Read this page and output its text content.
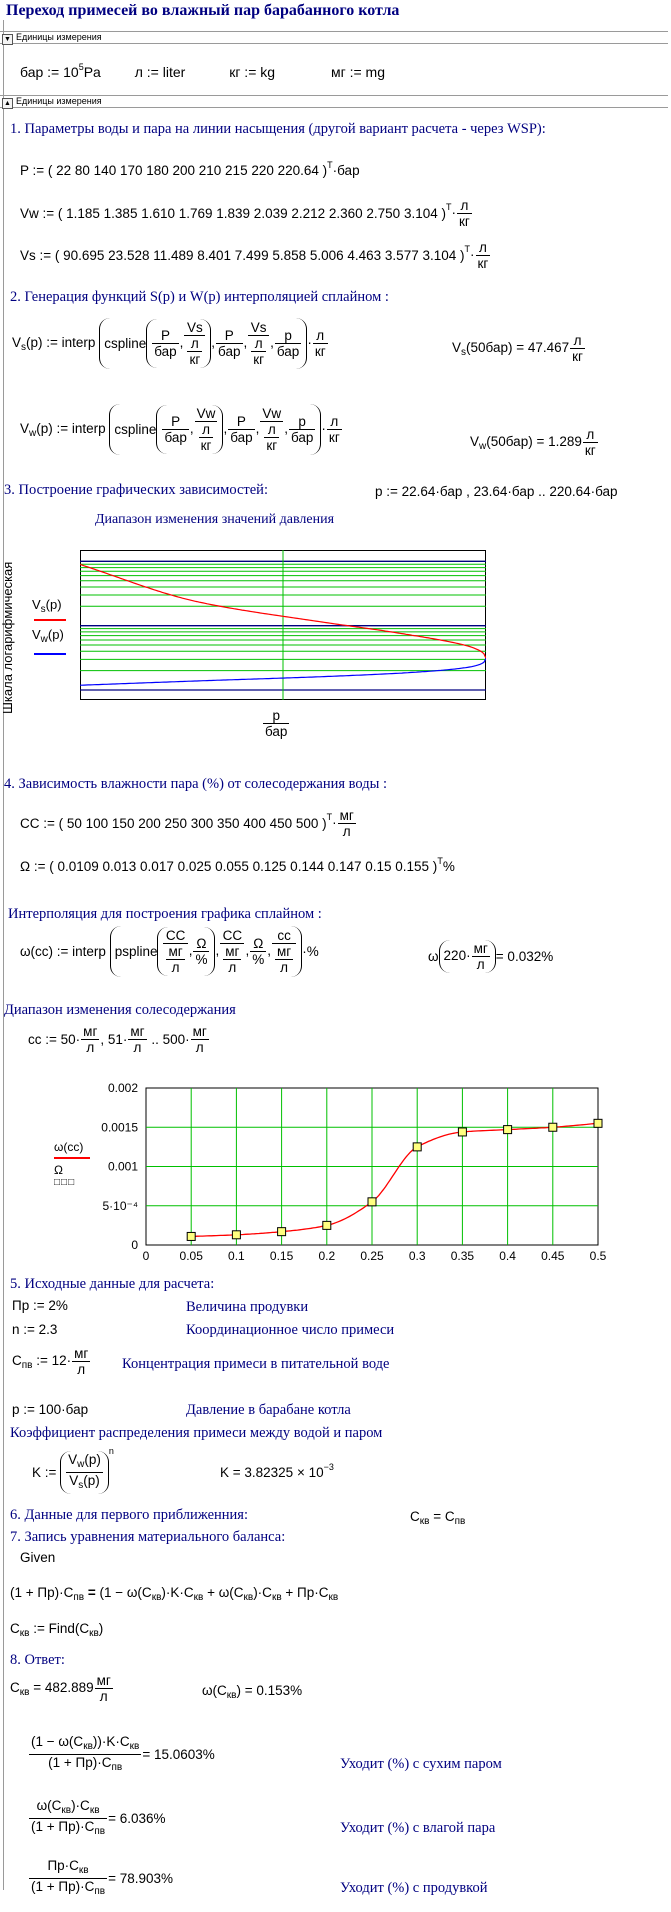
Переход примесей во влажный пар барабанного котла
▼ Единицы измерения
бар := $10^5Pa$ л := liter	кг := kg	мг := mg
▲ Единицы измерения
1. Параметры воды и пара на линии насыщения (другой вариант расчета - через WSP):
P := ( 22 80 140 170 180 200 210 215 220 220.64 )$^T$·бар
Vw := ( 1.185 1.385 1.610 1.769 1.839 2.039 2.212 2.360 2.750 3.104 )$^T\cdot \frac{л}{кг}$
Vs := ( 90.695 23.528 11.489 8.401 7.499 5.858 5.006 4.463 3.577 3.104 )$^T\cdot \frac{л}{кг}$
2. Генерация функций S(p) и W(p) интерполяцией сплайном :
$V_s(p)$ := interp cspline $\frac{P}{\text{бар}}$ , $\frac{Vs}{\frac{л}{кг}}$ , $\frac{P}{\text{бар}}$ , $\frac{Vs}{\frac{л}{кг}}$ , $\frac{p}{\text{бар}} \cdot \frac{л}{кг}$	$V_s(50бар) = 47.467 \frac{л}{кг}$
$V_w(p)$ := interp cspline $\frac{P}{\text{бар}}$ , $\frac{Vw}{\frac{л}{кг}}$ , $\frac{P}{\text{бар}}$ , $\frac{Vw}{\frac{л}{кг}}$ , $\frac{p}{\text{бар}} \cdot \frac{л}{кг}$	$V_w(50бар) = 1.289 \frac{л}{кг}$
3. Построение графических зависимостей:	p := 22.64·бар , 23.64·бар .. 220.64·бар
Диапазон изменения значений давления
Шкала логарифмическая $V_s(p)$
$V_w(p)$
$\frac{p}{\text{бар}}$
4. Зависимость влажности пара (%) от солесодержания воды :
CC := ( 50 100 150 200 250 300 350 400 450 500 )$^T\cdot \frac{мг}{л}$
Ω := ( 0.0109 0.013 0.017 0.025 0.055 0.125 0.144 0.147 0.15 0.155 )$^T$%
Интерполяция для построения графика сплайном :
ω(cc) := interp pspline $\frac{CC}{\frac{мг}{л}}$ , $\frac{\Omega}{\%}$ , $\frac{CC}{\frac{мг}{л}}$ , $\frac{\Omega}{\%}$ , $\frac{cc}{\frac{мг}{л}}$ ·%	ω $220\cdot \frac{мг}{л} = 0.032\%$
Диапазон изменения солесодержания
cc := $50\cdot \frac{мг}{л}$ , $51\cdot \frac{мг}{л}$ .. $500\cdot \frac{мг}{л}$
ω(cc)
Ω
□□□
0
5·10⁻⁴
0.001
0.0015
0.002
0	0.05 0.1 0.15 0.2 0.25 0.3 0.35 0.4 0.45 0.5
5. Исходные данные для расчета:
Пр := 2%	Величина продувки
n := 2.3	Координационное число примеси
$C_{пв}$ := $12\cdot \frac{мг}{л}$ Концентрация примеси в питательной воде
p := 100·бар	Давление в барабане котла
Коэффициент распределения примеси между водой и паром
K := $\frac{V_w(p)}{V_s(p)}$
$^n$
$K = 3.82325 \times 10^{-3}$
6. Данные для первого приближенния:	$C_{кв} = C_{пв}$
7. Запись уравнения материального баланса:
Given
$(1 + Пр)\cdot C_{пв} = (1 - \omega(C_{кв})\cdot K\cdot C_{кв} + \omega(C_{кв})\cdot C_{кв} + Пр\cdot C_{кв}$
$C_{кв}$ := $Find(C_{кв})$
8. Ответ:
$C_{кв} = 482.889 \frac{мг}{л}$	$\omega(C_{кв}) = 0.153\%$
$\frac{(1 - \omega(C_{кв}))\cdot K\cdot C_{кв}}{(1 + Пр)\cdot C_{пв}} = 15.0603\%$
Уходит (%) с сухим паром
$\frac{\omega(C_{кв})\cdot C_{кв}}{(1 + Пр)\cdot C_{пв}} = 6.036\%$
Уходит (%) с влагой пара
$\frac{Пр\cdot C_{кв}}{(1 + Пр)\cdot C_{пв}} = 78.903\%$
Уходит (%) с продувкой
